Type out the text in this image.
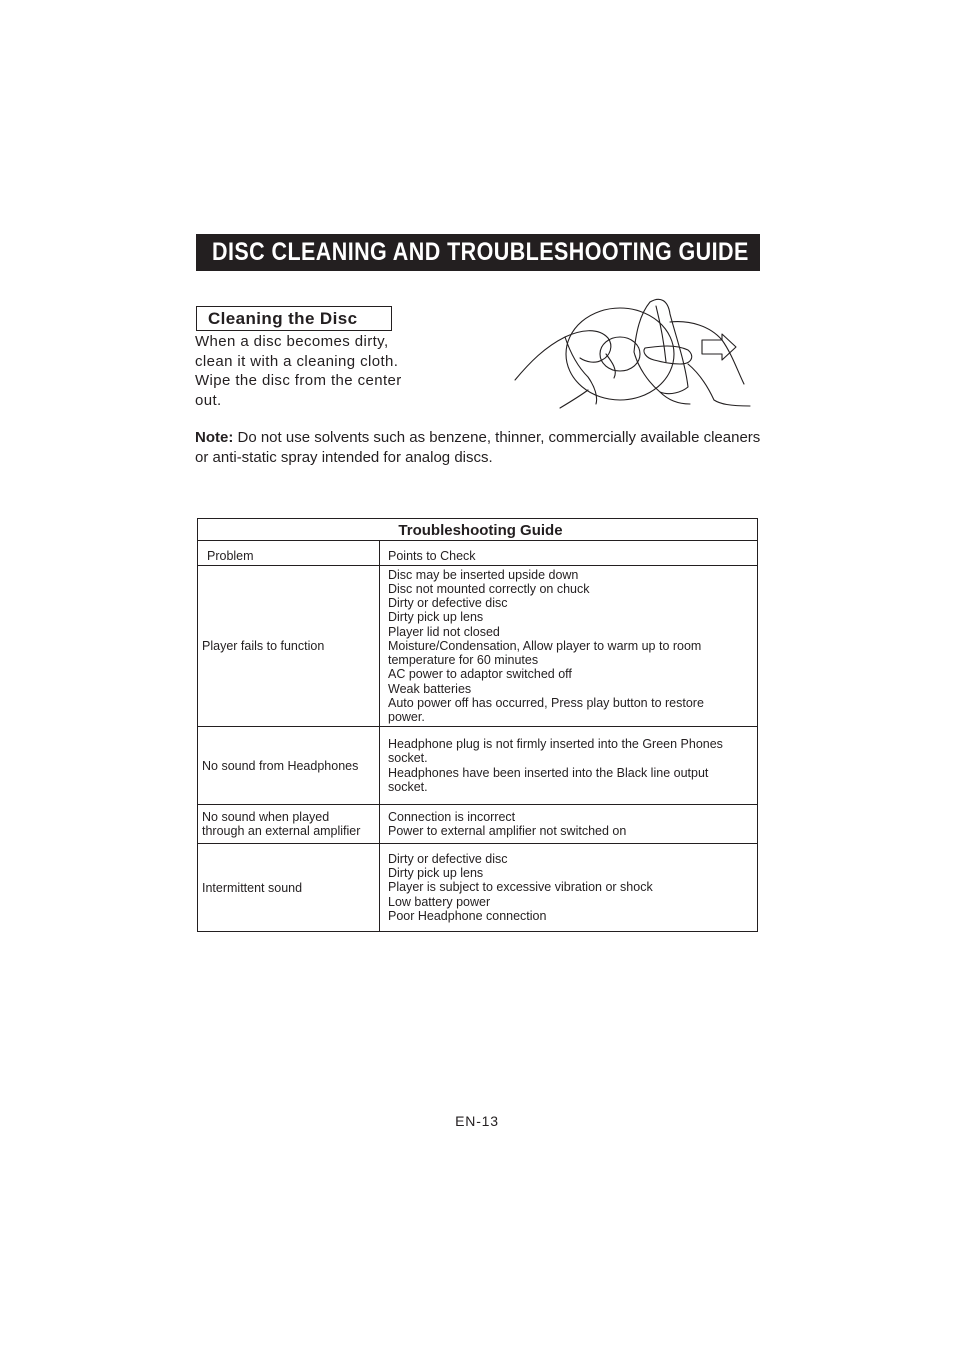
DISC CLEANING AND TROUBLESHOOTING GUIDE
Cleaning the Disc
When a disc becomes dirty,
clean it with a cleaning cloth.
Wipe the disc from the center
out.
Note: Do not use solvents such as benzene, thinner, commercially available cleaners or anti-static spray intended for analog discs.
Troubleshooting Guide
Problem	Points to Check
Player fails to function
Disc may be inserted upside down
Disc not mounted correctly on chuck
Dirty or defective disc
Dirty pick up lens
Player lid not closed
Moisture/Condensation, Allow player to warm up to room
temperature for 60 minutes
AC power to adaptor switched off
Weak batteries
Auto power off has occurred, Press play button to restore
power.
No sound from Headphones
Headphone plug is not firmly inserted into the Green Phones
socket.
Headphones have been inserted into the Black line output
socket.
No sound when played
through an external amplifier
Connection is incorrect
Power to external amplifier not switched on
Intermittent sound
Dirty or defective disc
Dirty pick up lens
Player is subject to excessive vibration or shock
Low battery power
Poor Headphone connection
EN-13
